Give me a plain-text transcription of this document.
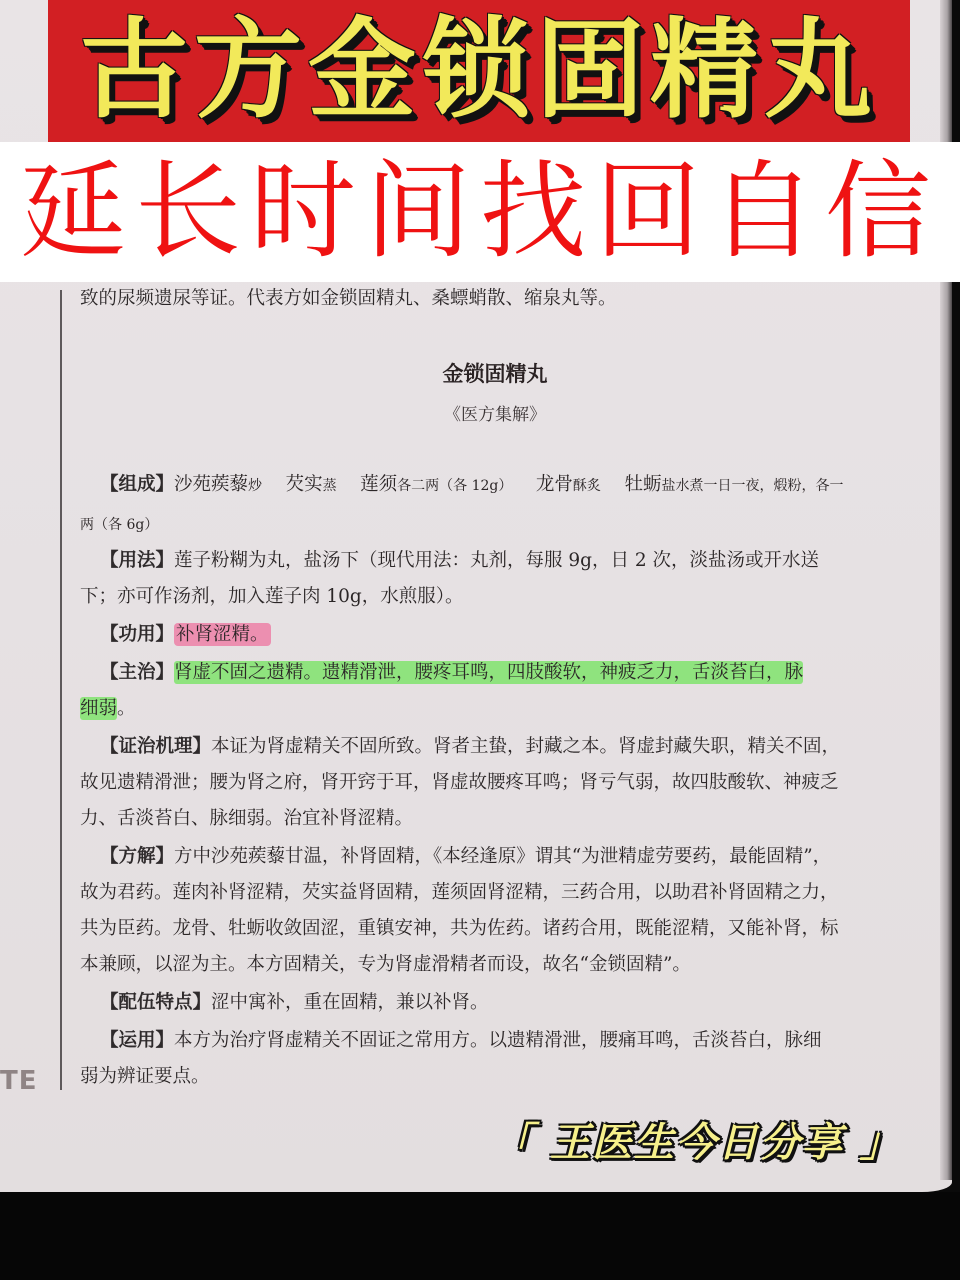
TE
致的尿频遗尿等证。代表方如金锁固精丸、桑螵蛸散、缩泉丸等。
金锁固精丸
《医方集解》
【组成】沙苑蒺藜炒 芡实蒸 莲须各二两（各 12g） 龙骨酥炙 牡蛎盐水煮一日一夜，煅粉，各一
两（各 6g）
【用法】莲子粉糊为丸，盐汤下（现代用法：丸剂，每服 9g，日 2 次，淡盐汤或开水送
下；亦可作汤剂，加入莲子肉 10g，水煎服）。
【功用】 补肾涩精。
【主治】肾虚不固之遗精。遗精滑泄，腰疼耳鸣，四肢酸软，神疲乏力，舌淡苔白，脉
细弱。
【证治机理】本证为肾虚精关不固所致。肾者主蛰，封藏之本。肾虚封藏失职，精关不固，
故见遗精滑泄；腰为肾之府，肾开窍于耳，肾虚故腰疼耳鸣；肾亏气弱，故四肢酸软、神疲乏
力、舌淡苔白、脉细弱。治宜补肾涩精。
【方解】方中沙苑蒺藜甘温，补肾固精，《本经逢原》谓其“为泄精虚劳要药，最能固精”，
故为君药。莲肉补肾涩精，芡实益肾固精，莲须固肾涩精，三药合用，以助君补肾固精之力，
共为臣药。龙骨、牡蛎收敛固涩，重镇安神，共为佐药。诸药合用，既能涩精，又能补肾，标
本兼顾，以涩为主。本方固精关，专为肾虚滑精者而设，故名“金锁固精”。
【配伍特点】涩中寓补，重在固精，兼以补肾。
【运用】本方为治疗肾虚精关不固证之常用方。以遗精滑泄，腰痛耳鸣，舌淡苔白，脉细
弱为辨证要点。
「 王医生今日分享 」
古方金锁固精丸
延长时间找回自信
